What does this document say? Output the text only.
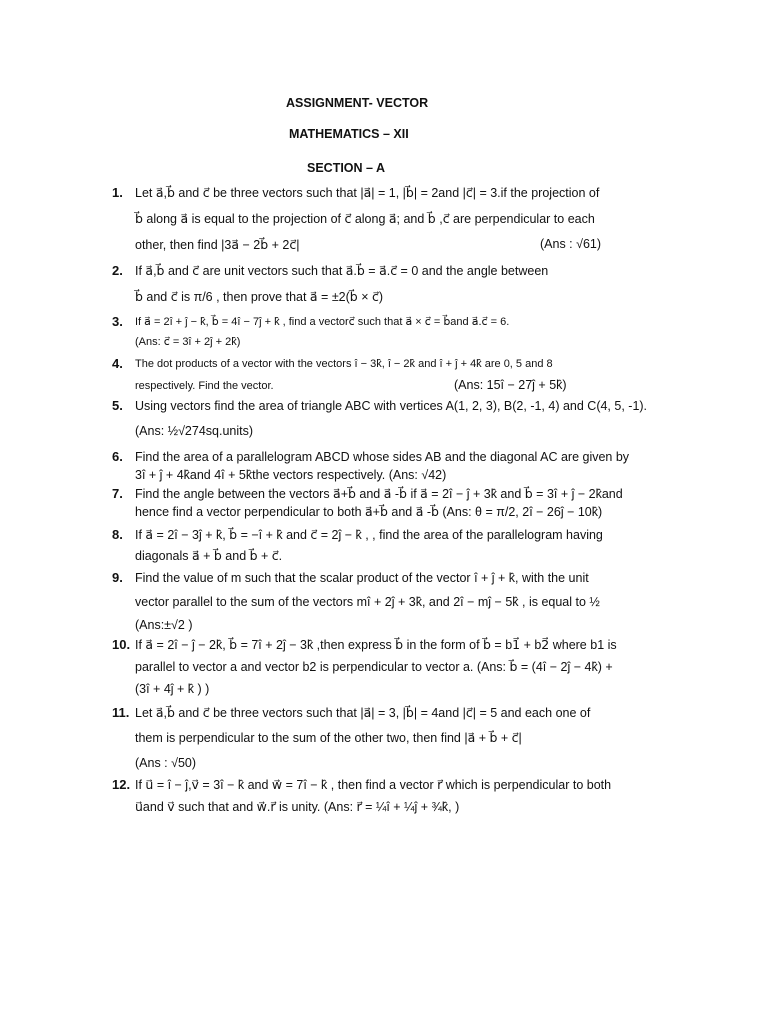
ASSIGNMENT- VECTOR
MATHEMATICS – XII
SECTION – A
1. Let a⃗,b⃗ and c⃗ be three vectors such that |a⃗| = 1, |b⃗| = 2and |c⃗| = 3.if the projection of
b⃗ along a⃗ is equal to the projection of c⃗ along a⃗; and b⃗ ,c⃗ are perpendicular to each
other, then find |3a⃗ − 2b⃗ + 2c⃗|	(Ans : √61)
2. If a⃗,b⃗ and c⃗ are unit vectors such that a⃗.b⃗ = a⃗.c⃗ = 0 and the angle between
b⃗ and c⃗ is π/6 , then prove that a⃗ = ±2(b⃗ × c⃗)
3.	If a⃗ = 2î + ĵ − k̂, b⃗ = 4î − 7ĵ + k̂ , find a vectorc⃗ such that a⃗ × c⃗ = b⃗and a⃗.c⃗ = 6.
(Ans: c⃗ = 3î + 2ĵ + 2k̂)
4.	The dot products of a vector with the vectors î − 3k̂, î − 2k̂ and î + ĵ + 4k̂ are 0, 5 and 8
respectively. Find the vector.	(Ans: 15î − 27ĵ + 5k̂)
5. Using vectors find the area of triangle ABC with vertices A(1, 2, 3), B(2, -1, 4) and C(4, 5, -1).
(Ans: ½√274sq.units)
6. Find the area of a parallelogram ABCD whose sides AB and the diagonal AC are given by
3î + ĵ + 4k̂and 4î + 5k̂the vectors respectively. (Ans: √42)
7. Find the angle between the vectors a⃗+b⃗ and a⃗ -b⃗ if a⃗ = 2î − ĵ + 3k̂ and b⃗ = 3î + ĵ − 2k̂and
hence find a vector perpendicular to both a⃗+b⃗ and a⃗ -b⃗ (Ans: θ = π/2, 2î − 26ĵ − 10k̂)
8. If a⃗ = 2î − 3ĵ + k̂, b⃗ = −î + k̂ and c⃗ = 2ĵ − k̂ , , find the area of the parallelogram having
diagonals a⃗ + b⃗ and b⃗ + c⃗.
9. Find the value of m such that the scalar product of the vector î + ĵ + k̂, with the unit
vector parallel to the sum of the vectors mî + 2ĵ + 3k̂, and 2î − mĵ − 5k̂ , is equal to ½
(Ans:±√2 )
10. If a⃗ = 2î − ĵ − 2k̂, b⃗ = 7î + 2ĵ − 3k̂ ,then express b⃗ in the form of b⃗ = b1⃗ + b2⃗ where b1 is
parallel to vector a and vector b2 is perpendicular to vector a. (Ans: b⃗ = (4î − 2ĵ − 4k̂) +
(3î + 4ĵ + k̂ ) )
11. Let a⃗,b⃗ and c⃗ be three vectors such that |a⃗| = 3, |b⃗| = 4and |c⃗| = 5 and each one of
them is perpendicular to the sum of the other two, then find |a⃗ + b⃗ + c⃗|
(Ans : √50)
12. If u⃗ = î − ĵ,v⃗ = 3î − k̂ and w⃗ = 7î − k̂ , then find a vector r⃗ which is perpendicular to both
u⃗and v⃗ such that and w⃗.r⃗ is unity. (Ans: r⃗ = ¼î + ¼ĵ + ¾k̂, )
